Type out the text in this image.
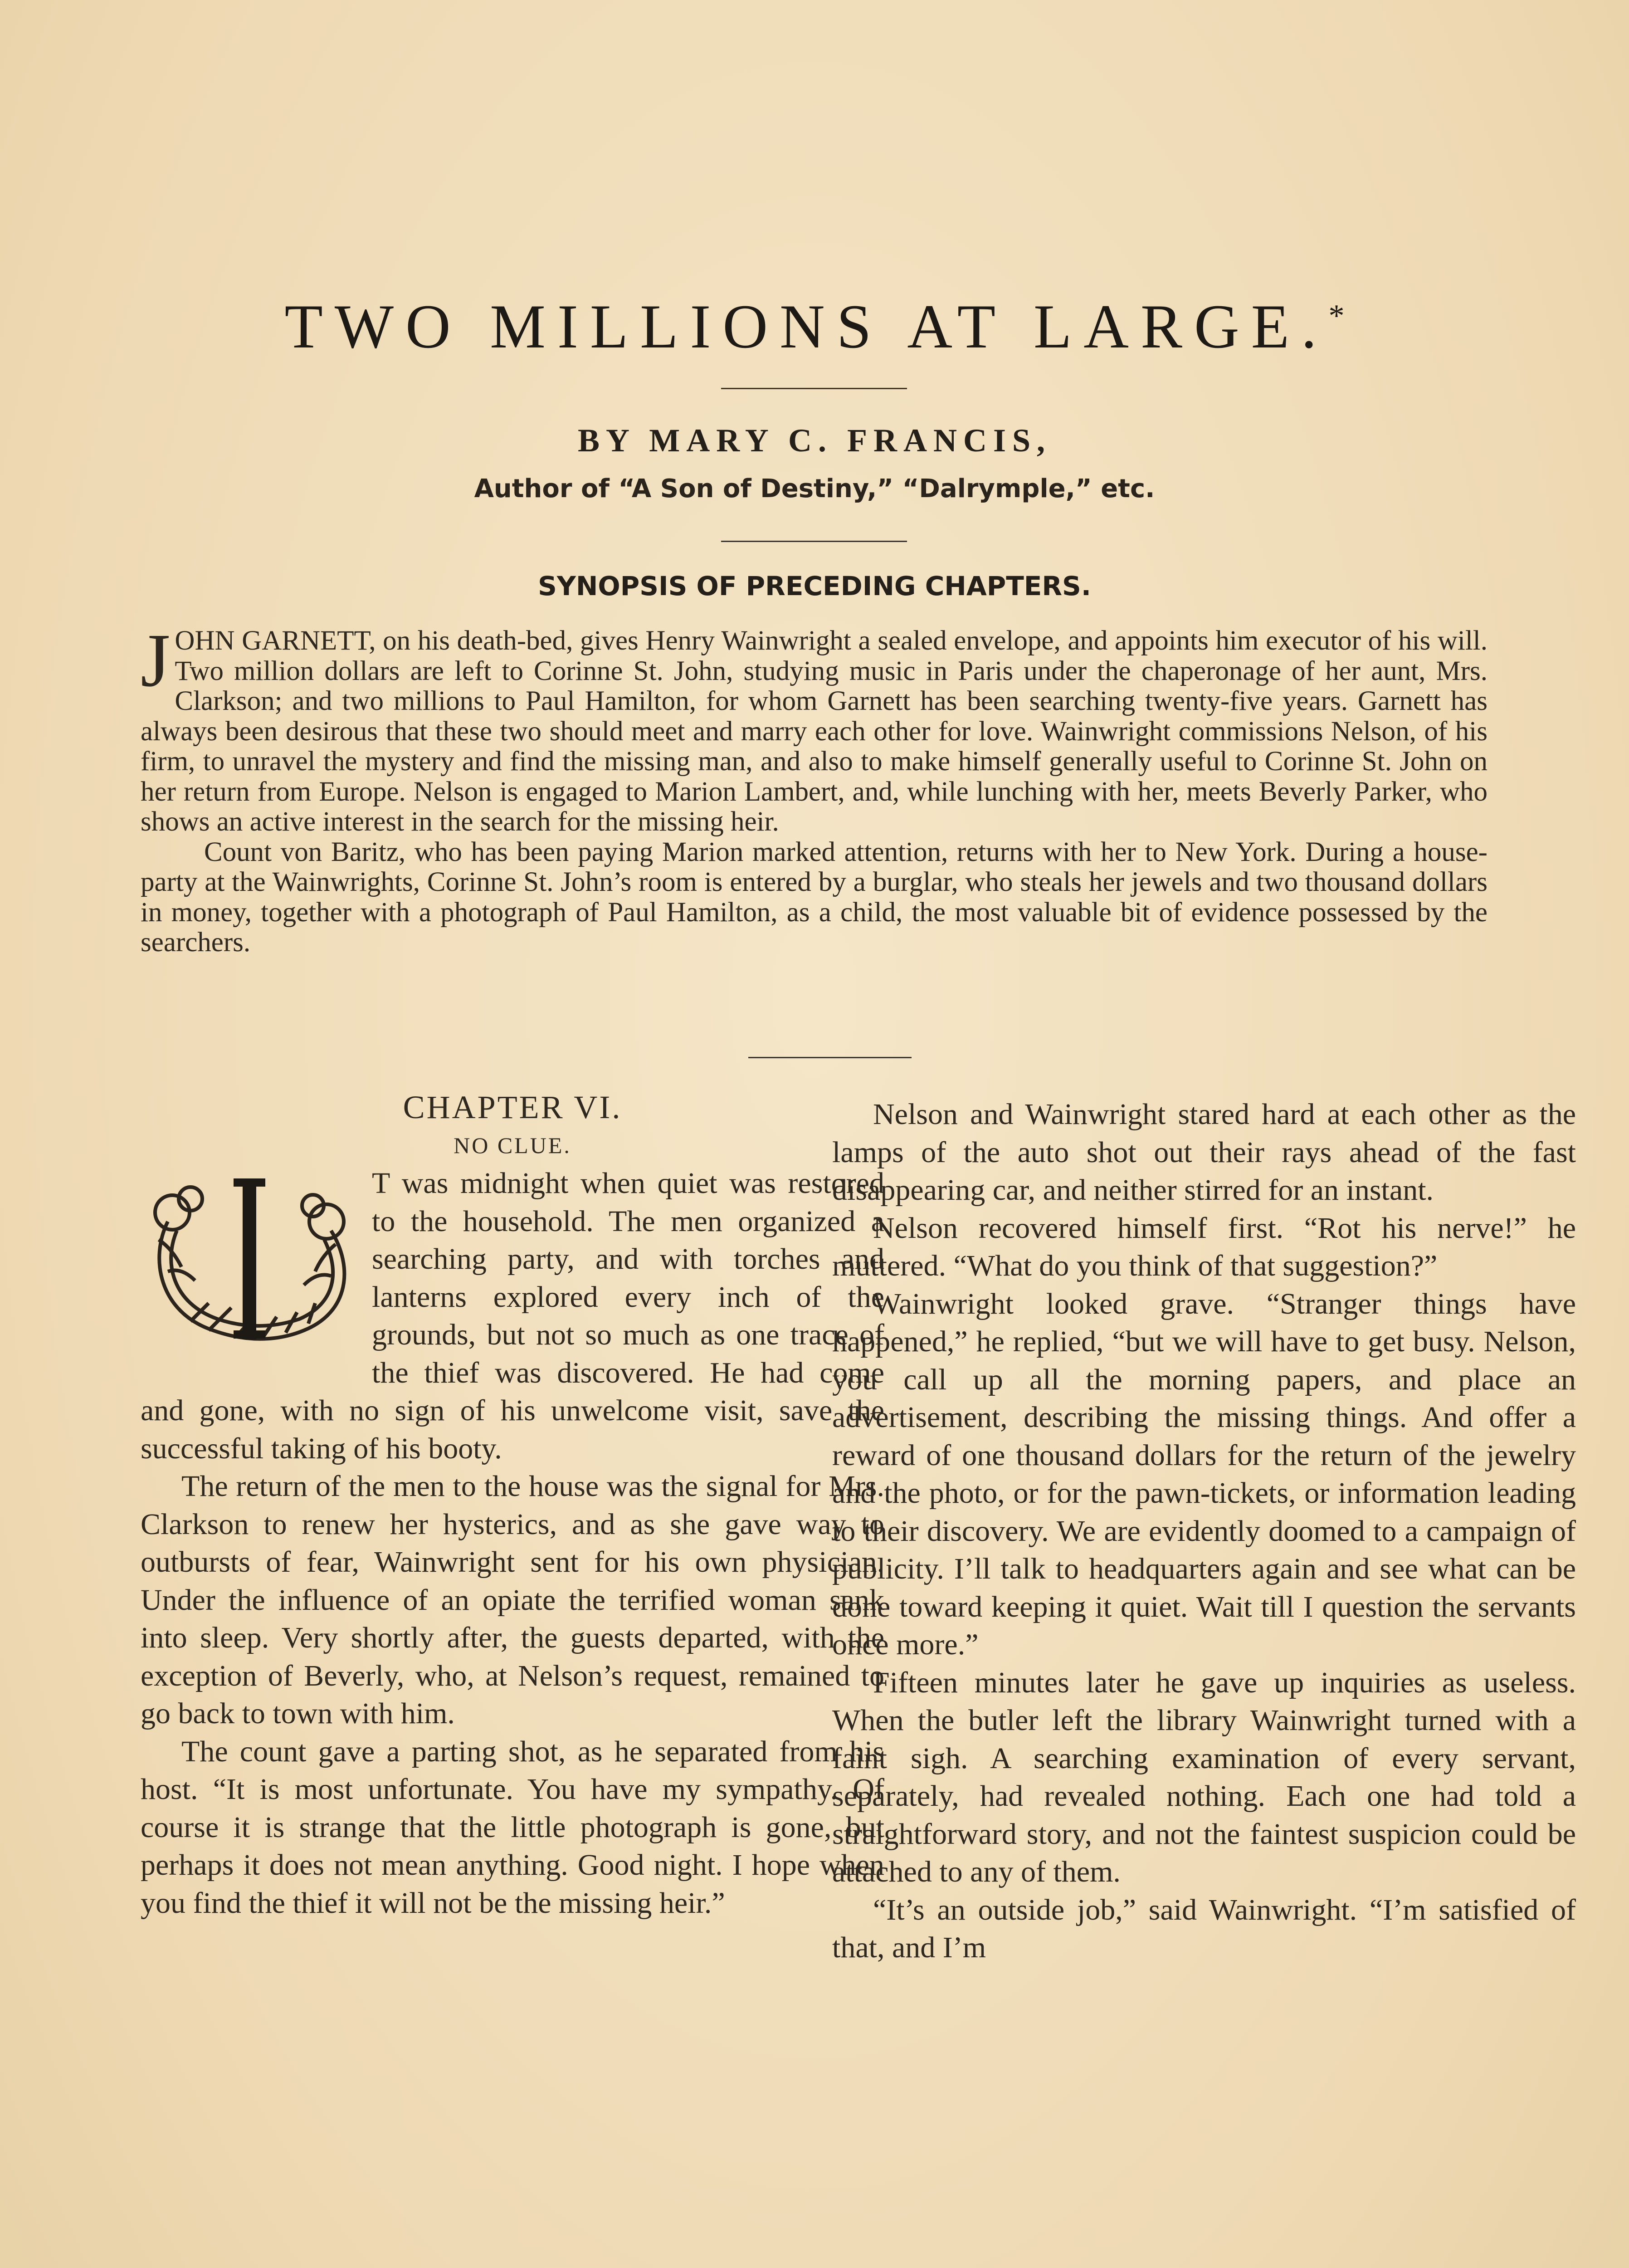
TWO MILLIONS AT LARGE.*
BY MARY C. FRANCIS,
Author of “A Son of Destiny,” “Dalrymple,” etc.
SYNOPSIS OF PRECEDING CHAPTERS.

JOHN GARNETT, on his death-bed, gives Henry Wainwright a sealed envelope, and appoints him executor of his will. Two million dollars are left to Corinne St. John, studying music in Paris under the chaperonage of her aunt, Mrs. Clarkson; and two millions to Paul Hamilton, for whom Garnett has been searching twenty-five years. Garnett has always been desirous that these two should meet and marry each other for love. Wainwright commissions Nelson, of his firm, to unravel the mystery and find the missing man, and also to make himself generally useful to Corinne St. John on her return from Europe. Nelson is engaged to Marion Lambert, and, while lunching with her, meets Beverly Parker, who shows an active interest in the search for the missing heir.

Count von Baritz, who has been paying Marion marked attention, returns with her to New York. During a house-party at the Wainwrights, Corinne St. John’s room is entered by a burglar, who steals her jewels and two thousand dollars in money, together with a photograph of Paul Hamilton, as a child, the most valuable bit of evidence possessed by the searchers.

CHAPTER VI.

NO CLUE.

T was midnight when quiet was restored to the household. The men organized a searching party, and with torches and lanterns explored every inch of the grounds, but not so much as one trace of the thief was discovered. He had come and gone, with no sign of his unwelcome visit, save the successful taking of his booty.

The return of the men to the house was the signal for Mrs. Clarkson to renew her hysterics, and as she gave way to outbursts of fear, Wainwright sent for his own physician. Under the influence of an opiate the terrified woman sank into sleep. Very shortly after, the guests departed, with the exception of Beverly, who, at Nelson’s request, remained to go back to town with him.

The count gave a parting shot, as he separated from his host. “It is most unfortunate. You have my sympathy. Of course it is strange that the little photograph is gone, but perhaps it does not mean anything. Good night. I hope when you find the thief it will not be the missing heir.”

Nelson and Wainwright stared hard at each other as the lamps of the auto shot out their rays ahead of the fast disappearing car, and neither stirred for an instant.

Nelson recovered himself first. “Rot his nerve!” he muttered. “What do you think of that suggestion?”

Wainwright looked grave. “Stranger things have happened,” he replied, “but we will have to get busy. Nelson, you call up all the morning papers, and place an advertisement, describing the missing things. And offer a reward of one thousand dollars for the return of the jewelry and the photo, or for the pawn-tickets, or information leading to their discovery. We are evidently doomed to a campaign of publicity. I’ll talk to headquarters again and see what can be done toward keeping it quiet. Wait till I question the servants once more.”

Fifteen minutes later he gave up inquiries as useless. When the butler left the library Wainwright turned with a faint sigh. A searching examination of every servant, separately, had revealed nothing. Each one had told a straightforward story, and not the faintest suspicion could be attached to any of them.

“It’s an outside job,” said Wainwright. “I’m satisfied of that, and I’m
